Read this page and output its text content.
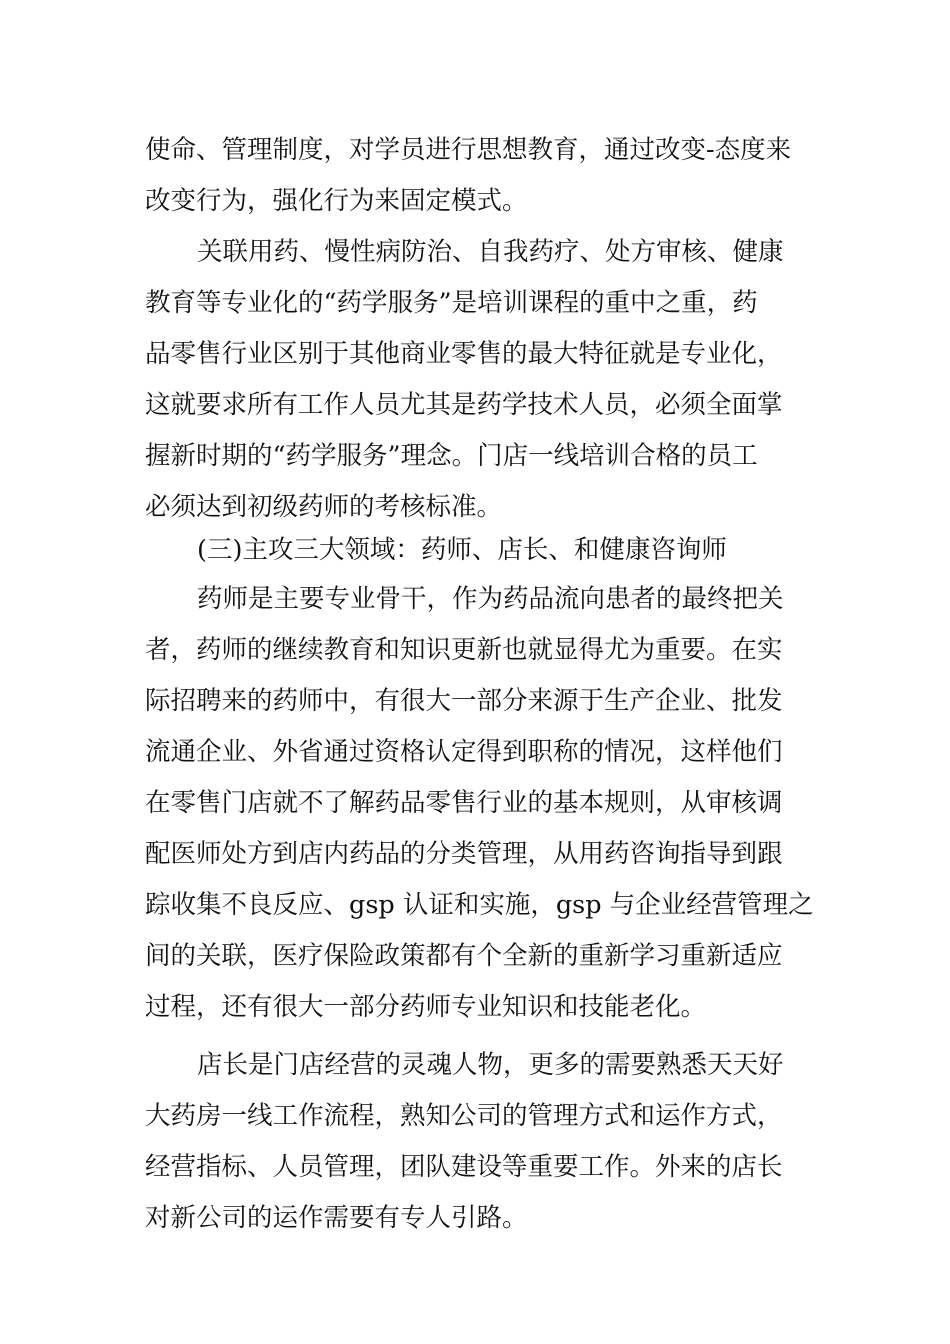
使命、管理制度，对学员进行思想教育，通过改变-态度来
改变行为，强化行为来固定模式。
关联用药、慢性病防治、自我药疗、处方审核、健康
教育等专业化的“药学服务”是培训课程的重中之重，药
品零售行业区别于其他商业零售的最大特征就是专业化，
这就要求所有工作人员尤其是药学技术人员，必须全面掌
握新时期的“药学服务”理念。门店一线培训合格的员工
必须达到初级药师的考核标准。
(三)主攻三大领域：药师、店长、和健康咨询师
药师是主要专业骨干，作为药品流向患者的最终把关
者，药师的继续教育和知识更新也就显得尤为重要。在实
际招聘来的药师中，有很大一部分来源于生产企业、批发
流通企业、外省通过资格认定得到职称的情况，这样他们
在零售门店就不了解药品零售行业的基本规则，从审核调
配医师处方到店内药品的分类管理，从用药咨询指导到跟
踪收集不良反应、gsp 认证和实施，gsp 与企业经营管理之
间的关联，医疗保险政策都有个全新的重新学习重新适应
过程，还有很大一部分药师专业知识和技能老化。
店长是门店经营的灵魂人物，更多的需要熟悉天天好
大药房一线工作流程，熟知公司的管理方式和运作方式，
经营指标、人员管理，团队建设等重要工作。外来的店长
对新公司的运作需要有专人引路。
